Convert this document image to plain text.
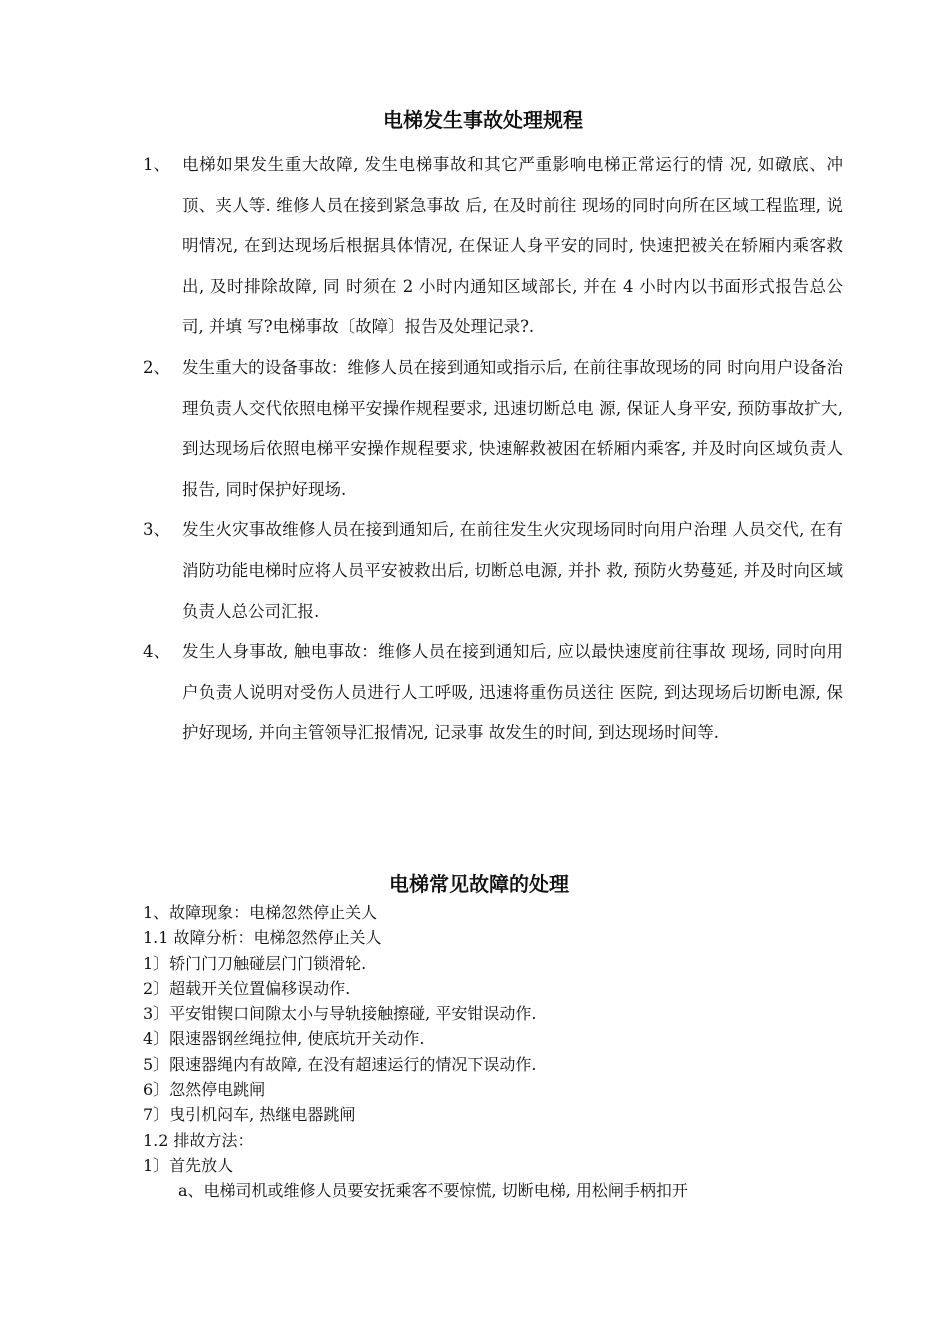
电梯发生事故处理规程
1、 电梯如果发生重大故障, 发生电梯事故和其它严重影响电梯正常运行的情 况, 如礅底、冲顶、夹人等. 维修人员在接到紧急事故 后, 在及时前往 现场的同时向所在区域工程监理, 说明情况, 在到达现场后根据具体情况, 在保证人身平安的同时, 快速把被关在轿厢内乘客救出, 及时排除故障, 同 时须在 2 小时内通知区域部长, 并在 4 小时内以书面形式报告总公司, 并填 写?电梯事故〔故障〕报告及处理记录?.
2、 发生重大的设备事故：维修人员在接到通知或指示后, 在前往事故现场的同 时向用户设备治理负责人交代依照电梯平安操作规程要求, 迅速切断总电 源, 保证人身平安, 预防事故扩大, 到达现场后依照电梯平安操作规程要求, 快速解救被困在轿厢内乘客, 并及时向区域负责人报告, 同时保护好现场.
3、 发生火灾事故维修人员在接到通知后, 在前往发生火灾现场同时向用户治理 人员交代, 在有消防功能电梯时应将人员平安被救出后, 切断总电源, 并扑 救, 预防火势蔓延, 并及时向区域负责人总公司汇报.
4、 发生人身事故, 触电事故：维修人员在接到通知后, 应以最快速度前往事故 现场, 同时向用户负责人说明对受伤人员进行人工呼吸, 迅速将重伤员送往 医院, 到达现场后切断电源, 保护好现场, 并向主管领导汇报情况, 记录事 故发生的时间, 到达现场时间等.
电梯常见故障的处理

1、故障现象：电梯忽然停止关人

1.1 故障分析：电梯忽然停止关人

1〕轿门门刀触碰层门门锁滑轮.

2〕超载开关位置偏移误动作.

3〕平安钳锲口间隙太小与导轨接触擦碰, 平安钳误动作.

4〕限速器钢丝绳拉伸, 使底坑开关动作.

5〕限速器绳内有故障, 在没有超速运行的情况下误动作.

6〕忽然停电跳闸

7〕曳引机闷车, 热继电器跳闸

1.2 排故方法：

1〕首先放人

a、电梯司机或维修人员要安抚乘客不要惊慌, 切断电梯, 用松闸手柄扣开
